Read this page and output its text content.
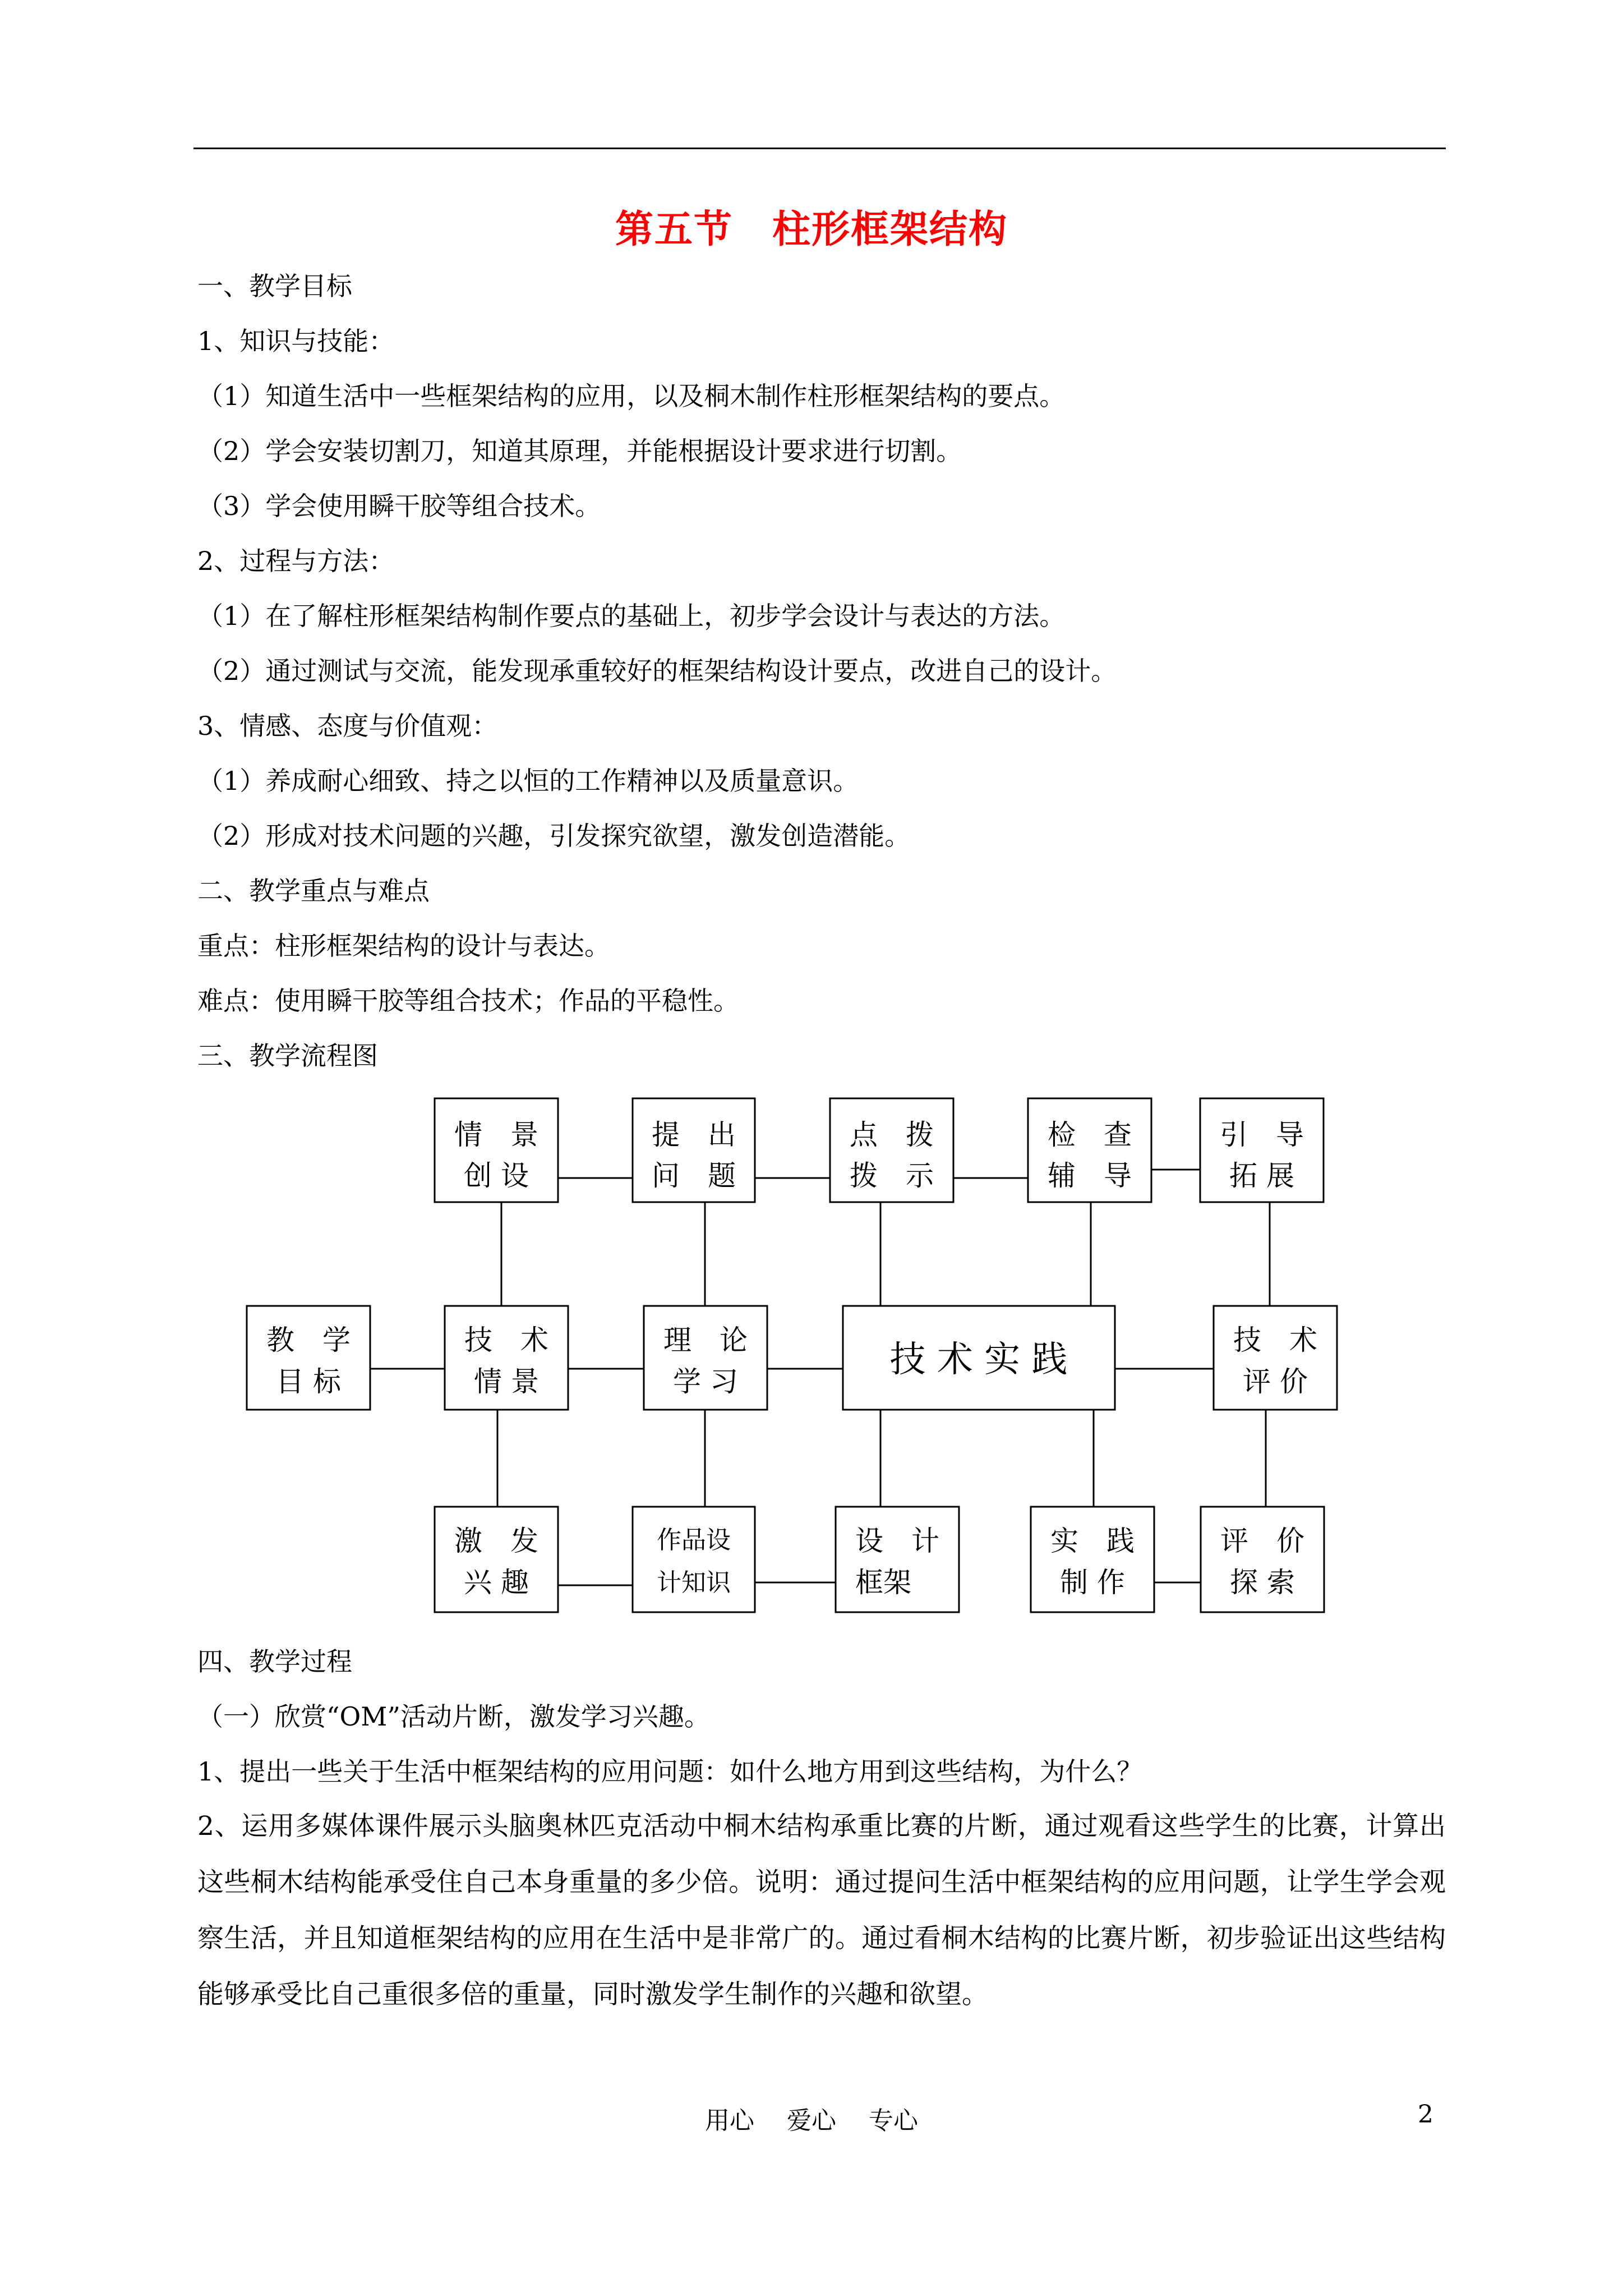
第五节　柱形框架结构
一、教学目标
1、知识与技能：
（1）知道生活中一些框架结构的应用，以及桐木制作柱形框架结构的要点。
（2）学会安装切割刀，知道其原理，并能根据设计要求进行切割。
（3）学会使用瞬干胶等组合技术。
2、过程与方法：
（1）在了解柱形框架结构制作要点的基础上，初步学会设计与表达的方法。
（2）通过测试与交流，能发现承重较好的框架结构设计要点，改进自己的设计。
3、情感、态度与价值观：
（1）养成耐心细致、持之以恒的工作精神以及质量意识。
（2）形成对技术问题的兴趣，引发探究欲望，激发创造潜能。
二、教学重点与难点
重点：柱形框架结构的设计与表达。
难点：使用瞬干胶等组合技术；作品的平稳性。
三、教学流程图
情　景
创 设
提　出
问　题
点　拨
拨　示
检　查
辅　导
引　导
拓 展
教　学
目 标
技　术
情 景
理　论
学 习
技 术 实 践	技　术
评 价
激　发
兴 趣
作品设
计知识
设　计
框架
实　践
制 作
评　价
探 索
四、教学过程
（一）欣赏“OM”活动片断，激发学习兴趣。
1、提出一些关于生活中框架结构的应用问题：如什么地方用到这些结构，为什么？
2、运用多媒体课件展示头脑奥林匹克活动中桐木结构承重比赛的片断，通过观看这些学生的比赛，计算出这些桐木结构能承受住自己本身重量的多少倍。说明：通过提问生活中框架结构的应用问题，让学生学会观察生活，并且知道框架结构的应用在生活中是非常广的。通过看桐木结构的比赛片断，初步验证出这些结构能够承受比自己重很多倍的重量，同时激发学生制作的兴趣和欲望。
用心　 爱心　 专心	2
